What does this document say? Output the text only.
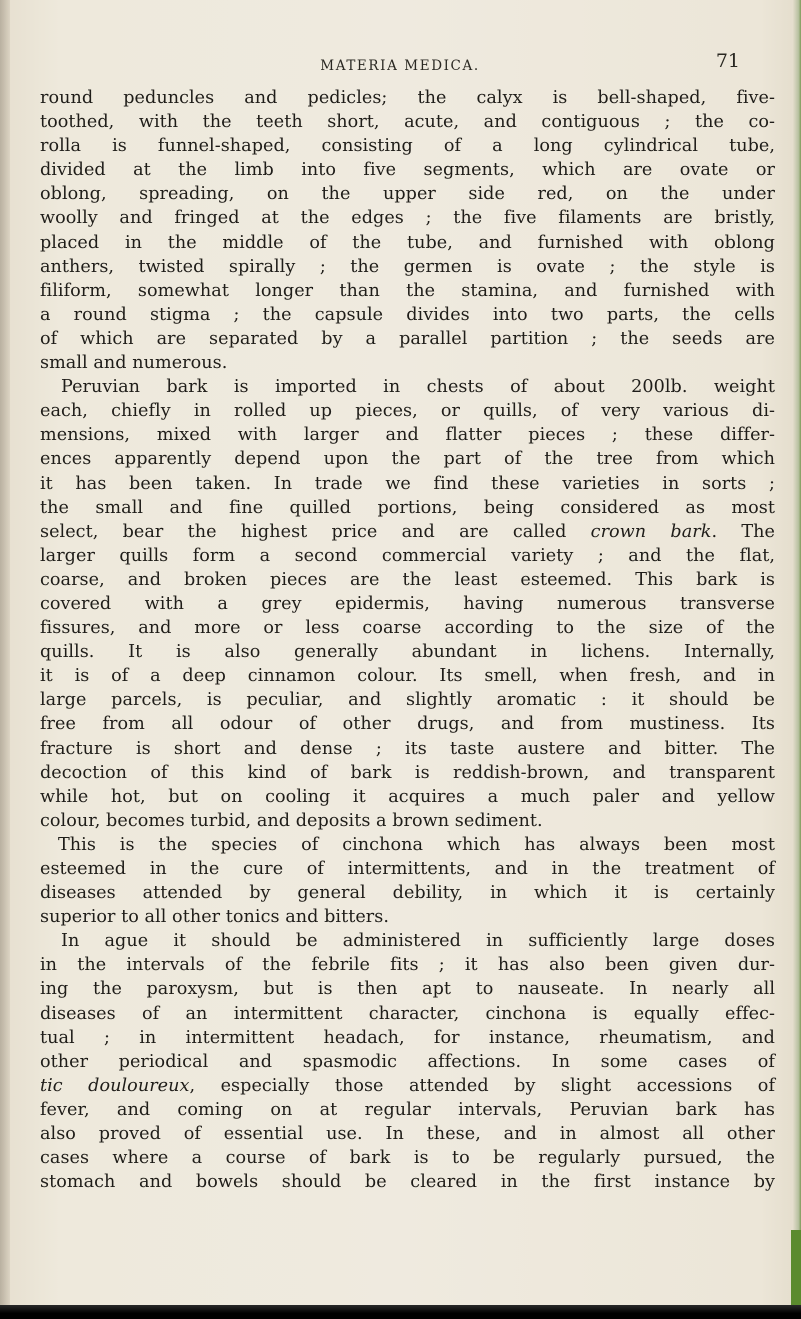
MATERIA MEDICA.	71
round peduncles and pedicles; the calyx is bell-shaped, five-
toothed, with the teeth short, acute, and contiguous ; the co-
rolla is funnel-shaped, consisting of a long cylindrical tube,
divided at the limb into five segments, which are ovate or
oblong, spreading, on the upper side red, on the under
woolly and fringed at the edges ; the five filaments are bristly,
placed in the middle of the tube, and furnished with oblong
anthers, twisted spirally ; the germen is ovate ; the style is
filiform, somewhat longer than the stamina, and furnished with
a round stigma ; the capsule divides into two parts, the cells
of which are separated by a parallel partition ; the seeds are
small and numerous.
Peruvian bark is imported in chests of about 200lb. weight
each, chiefly in rolled up pieces, or quills, of very various di-
mensions, mixed with larger and flatter pieces ; these differ-
ences apparently depend upon the part of the tree from which
it has been taken. In trade we find these varieties in sorts ;
the small and fine quilled portions, being considered as most
select, bear the highest price and are called crown bark. The
larger quills form a second commercial variety ; and the flat,
coarse, and broken pieces are the least esteemed. This bark is
covered with a grey epidermis, having numerous transverse
fissures, and more or less coarse according to the size of the
quills. It is also generally abundant in lichens. Internally,
it is of a deep cinnamon colour. Its smell, when fresh, and in
large parcels, is peculiar, and slightly aromatic : it should be
free from all odour of other drugs, and from mustiness. Its
fracture is short and dense ; its taste austere and bitter. The
decoction of this kind of bark is reddish-brown, and transparent
while hot, but on cooling it acquires a much paler and yellow
colour, becomes turbid, and deposits a brown sediment.
This is the species of cinchona which has always been most
esteemed in the cure of intermittents, and in the treatment of
diseases attended by general debility, in which it is certainly
superior to all other tonics and bitters.
In ague it should be administered in sufficiently large doses
in the intervals of the febrile fits ; it has also been given dur-
ing the paroxysm, but is then apt to nauseate. In nearly all
diseases of an intermittent character, cinchona is equally effec-
tual ; in intermittent headach, for instance, rheumatism, and
other periodical and spasmodic affections. In some cases of
tic douloureux, especially those attended by slight accessions of
fever, and coming on at regular intervals, Peruvian bark has
also proved of essential use. In these, and in almost all other
cases where a course of bark is to be regularly pursued, the
stomach and bowels should be cleared in the first instance by
